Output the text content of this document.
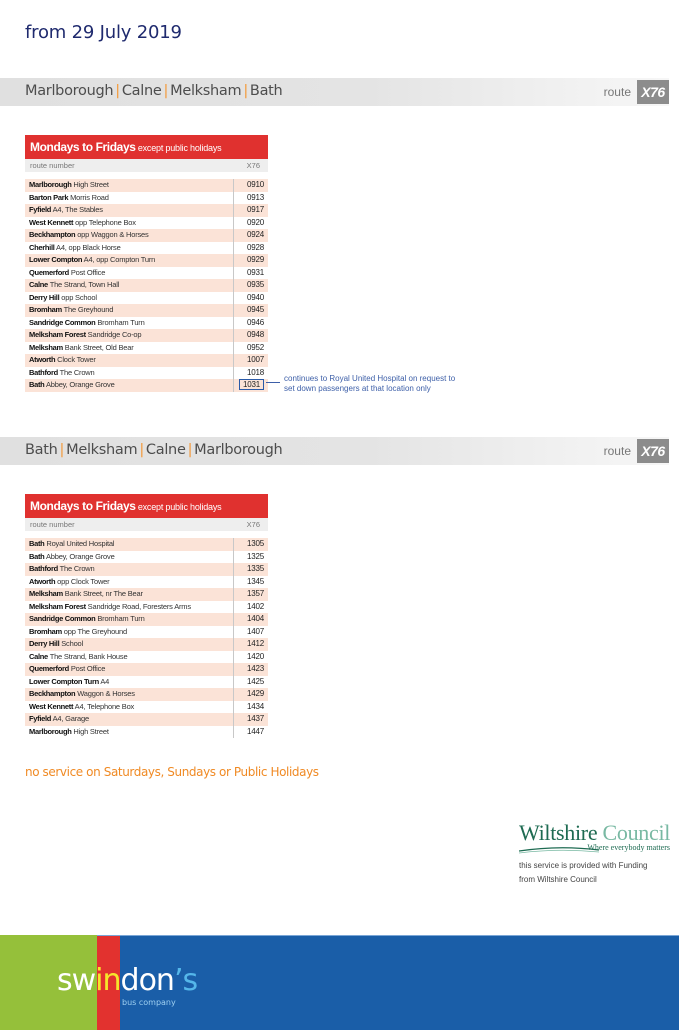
from 29 July 2019
Marlborough | Calne | Melksham | Bath	route X76
Mondays to Fridays except public holidays
route number	X76
Marlborough High Street	0910
Barton Park Morris Road	0913
Fyfield A4, The Stables	0917
West Kennett opp Telephone Box	0920
Beckhampton opp Waggon & Horses	0924
Cherhill A4, opp Black Horse	0928
Lower Compton A4, opp Compton Turn	0929
Quemerford Post Office	0931
Calne The Strand, Town Hall	0935
Derry Hill opp School	0940
Bromham The Greyhound	0945
Sandridge Common Bromham Turn	0946
Melksham Forest Sandridge Co-op	0948
Melksham Bank Street, Old Bear	0952
Atworth Clock Tower	1007
Bathford The Crown	1018
Bath Abbey, Orange Grove	1031
continues to Royal United Hospital on request to set down passengers at that location only
Bath | Melksham | Calne | Marlborough	route X76
Mondays to Fridays except public holidays
route number	X76
Bath Royal United Hospital	1305
Bath Abbey, Orange Grove	1325
Bathford The Crown	1335
Atworth opp Clock Tower	1345
Melksham Bank Street, nr The Bear	1357
Melksham Forest Sandridge Road, Foresters Arms	1402
Sandridge Common Bromham Turn	1404
Bromham opp The Greyhound	1407
Derry Hill School	1412
Calne The Strand, Bank House	1420
Quemerford Post Office	1423
Lower Compton Turn A4	1425
Beckhampton Waggon & Horses	1429
West Kennett A4, Telephone Box	1434
Fyfield A4, Garage	1437
Marlborough High Street	1447
no service on Saturdays, Sundays or Public Holidays
Wiltshire Council
Where everybody matters
this service is provided with Funding
from Wiltshire Council
swindon’s
bus company
